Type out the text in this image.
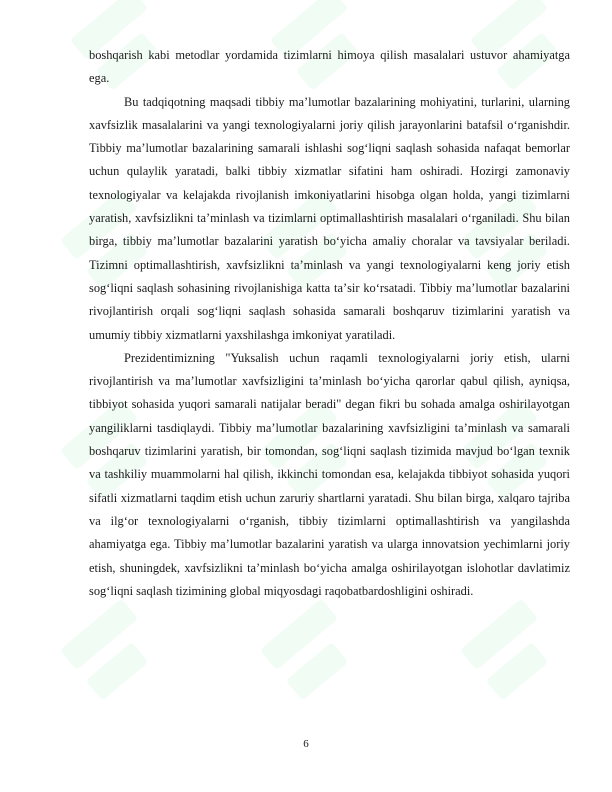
boshqarish kabi metodlar yordamida tizimlarni himoya qilish masalalari ustuvor ahamiyatga ega.

Bu tadqiqotning maqsadi tibbiy maʼlumotlar bazalarining mohiyatini, turlarini, ularning xavfsizlik masalalarini va yangi texnologiyalarni joriy qilish jarayonlarini batafsil oʻrganishdir. Tibbiy maʼlumotlar bazalarining samarali ishlashi sogʻliqni saqlash sohasida nafaqat bemorlar uchun qulaylik yaratadi, balki tibbiy xizmatlar sifatini ham oshiradi. Hozirgi zamonaviy texnologiyalar va kelajakda rivojlanish imkoniyatlarini hisobga olgan holda, yangi tizimlarni yaratish, xavfsizlikni taʼminlash va tizimlarni optimallashtirish masalalari oʻrganiladi. Shu bilan birga, tibbiy maʼlumotlar bazalarini yaratish boʻyicha amaliy choralar va tavsiyalar beriladi. Tizimni optimallashtirish, xavfsizlikni taʼminlash va yangi texnologiyalarni keng joriy etish sogʻliqni saqlash sohasining rivojlanishiga katta taʼsir koʻrsatadi. Tibbiy maʼlumotlar bazalarini rivojlantirish orqali sogʻliqni saqlash sohasida samarali boshqaruv tizimlarini yaratish va umumiy tibbiy xizmatlarni yaxshilashga imkoniyat yaratiladi.

Prezidentimizning "Yuksalish uchun raqamli texnologiyalarni joriy etish, ularni rivojlantirish va maʼlumotlar xavfsizligini taʼminlash boʻyicha qarorlar qabul qilish, ayniqsa, tibbiyot sohasida yuqori samarali natijalar beradi" degan fikri bu sohada amalga oshirilayotgan yangiliklarni tasdiqlaydi. Tibbiy maʼlumotlar bazalarining xavfsizligini taʼminlash va samarali boshqaruv tizimlarini yaratish, bir tomondan, sogʻliqni saqlash tizimida mavjud boʻlgan texnik va tashkiliy muammolarni hal qilish, ikkinchi tomondan esa, kelajakda tibbiyot sohasida yuqori sifatli xizmatlarni taqdim etish uchun zaruriy shartlarni yaratadi. Shu bilan birga, xalqaro tajriba va ilgʻor texnologiyalarni oʻrganish, tibbiy tizimlarni optimallashtirish va yangilashda ahamiyatga ega. Tibbiy maʼlumotlar bazalarini yaratish va ularga innovatsion yechimlarni joriy etish, shuningdek, xavfsizlikni taʼminlash boʻyicha amalga oshirilayotgan islohotlar davlatimiz sogʻliqni saqlash tizimining global miqyosdagi raqobatbardoshligini oshiradi.

6
